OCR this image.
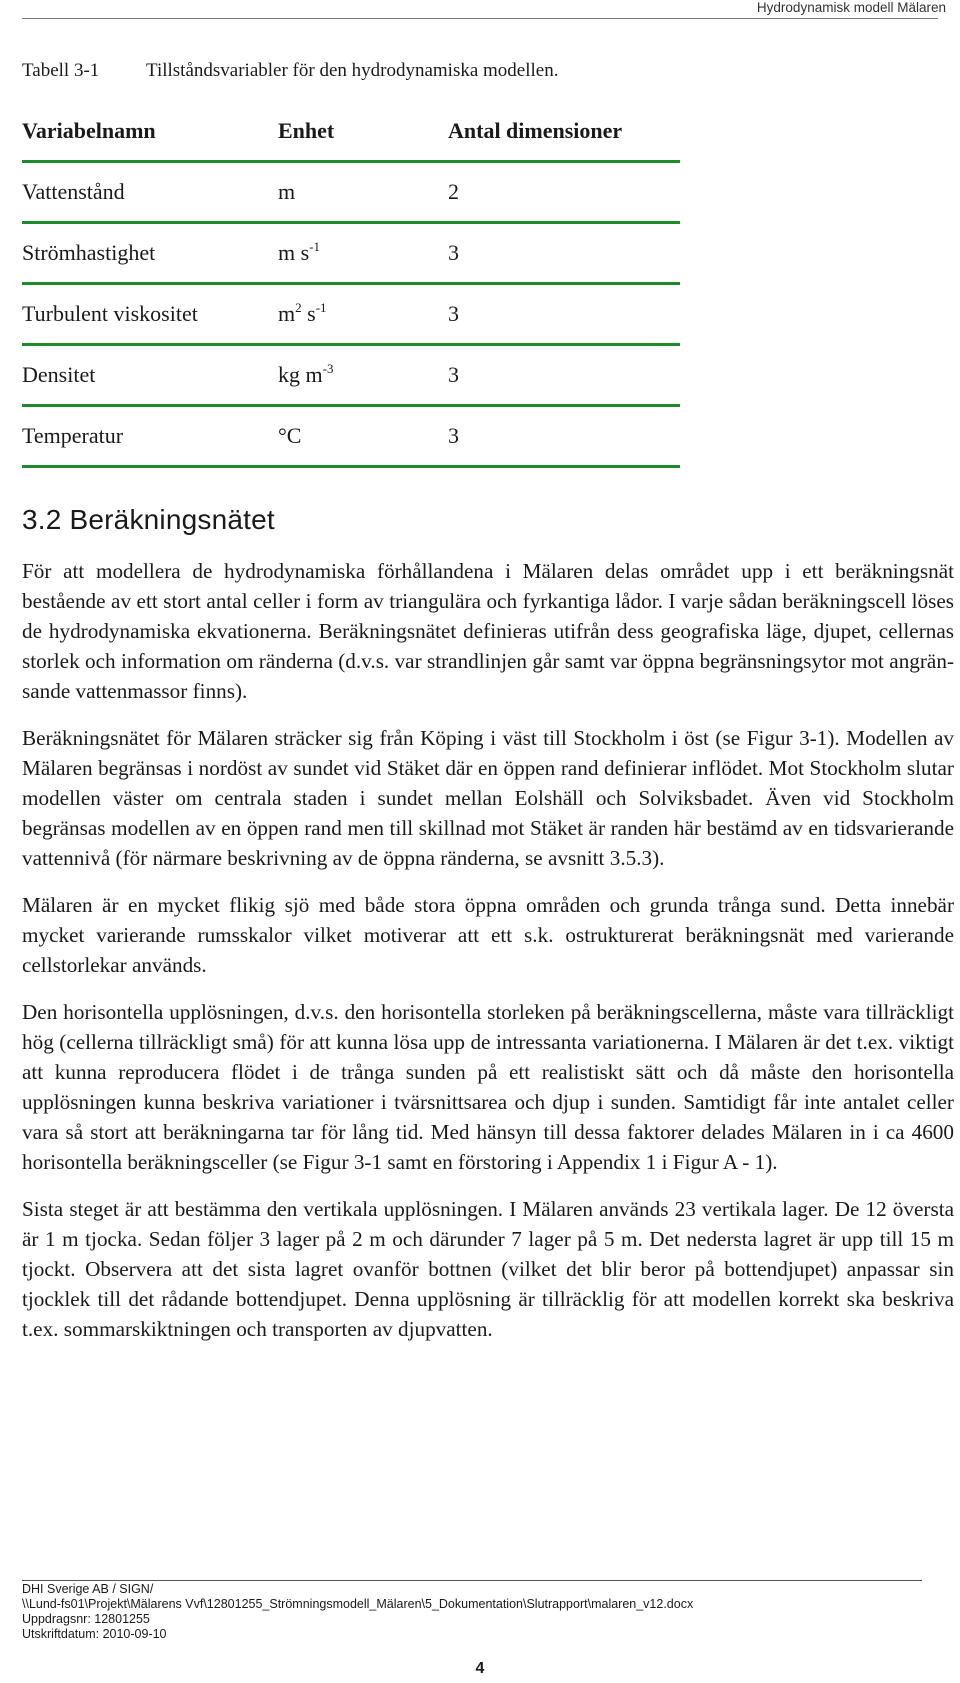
Hydrodynamisk modell Mälaren
Tabell 3-1 Tillståndsvariabler för den hydrodynamiska modellen.
Variabelnamn	Enhet	Antal dimensioner
Vattenstånd	m	2
Strömhastighet	m $s^{-1}$	3
Turbulent viskositet	$m^2$ $s^{-1}$	3
Densitet	kg $m^{-3}$	3
Temperatur	°C	3
3.2 Beräkningsnätet

För att modellera de hydrodynamiska förhållandena i Mälaren delas området upp i ett beräkningsnät bestående av ett stort antal celler i form av triangulära och fyrkantiga lådor. I varje sådan beräkningscell löses de hydrodynamiska ekvationerna. Beräkningsnätet definieras utifrån dess geografiska läge, djupet, cellernas storlek och information om ränderna (d.v.s. var strandlinjen går samt var öppna begränsningsytor mot angränsande vattenmassor finns).

Beräkningsnätet för Mälaren sträcker sig från Köping i väst till Stockholm i öst (se Figur 3-1). Modellen av Mälaren begränsas i nordöst av sundet vid Stäket där en öppen rand definierar inflödet. Mot Stockholm slutar modellen väster om centrala staden i sundet mellan Eolshäll och Solviksbadet. Även vid Stockholm begränsas modellen av en öppen rand men till skillnad mot Stäket är randen här bestämd av en tidsvarierande vattennivå (för närmare beskrivning av de öppna ränderna, se avsnitt 3.5.3).

Mälaren är en mycket flikig sjö med både stora öppna områden och grunda trånga sund. Detta innebär mycket varierande rumsskalor vilket motiverar att ett s.k. ostrukturerat beräkningsnät med varierande cellstorlekar används.

Den horisontella upplösningen, d.v.s. den horisontella storleken på beräkningscellerna, måste vara tillräckligt hög (cellerna tillräckligt små) för att kunna lösa upp de intressanta variationerna. I Mälaren är det t.ex. viktigt att kunna reproducera flödet i de trånga sunden på ett realistiskt sätt och då måste den horisontella upplösningen kunna beskriva variationer i tvärsnittsarea och djup i sunden. Samtidigt får inte antalet celler vara så stort att beräkningarna tar för lång tid. Med hänsyn till dessa faktorer delades Mälaren in i ca 4600 horisontella beräkningsceller (se Figur 3-1 samt en förstoring i Appendix 1 i Figur A - 1).

Sista steget är att bestämma den vertikala upplösningen. I Mälaren används 23 vertikala lager. De 12 översta är 1 m tjocka. Sedan följer 3 lager på 2 m och därunder 7 lager på 5 m. Det nedersta lagret är upp till 15 m tjockt. Observera att det sista lagret ovanför bottnen (vilket det blir beror på bottendjupet) anpassar sin tjocklek till det rådande bottendjupet. Denna upplösning är tillräcklig för att modellen korrekt ska beskriva t.ex. sommarskiktningen och transporten av djupvatten.

DHI Sverige AB / SIGN/
\\Lund-fs01\Projekt\Mälarens Vvf\12801255_Strömningsmodell_Mälaren\5_Dokumentation\Slutrapport\malaren_v12.docx
Uppdragsnr: 12801255
Utskriftdatum: 2010-09-10
4
